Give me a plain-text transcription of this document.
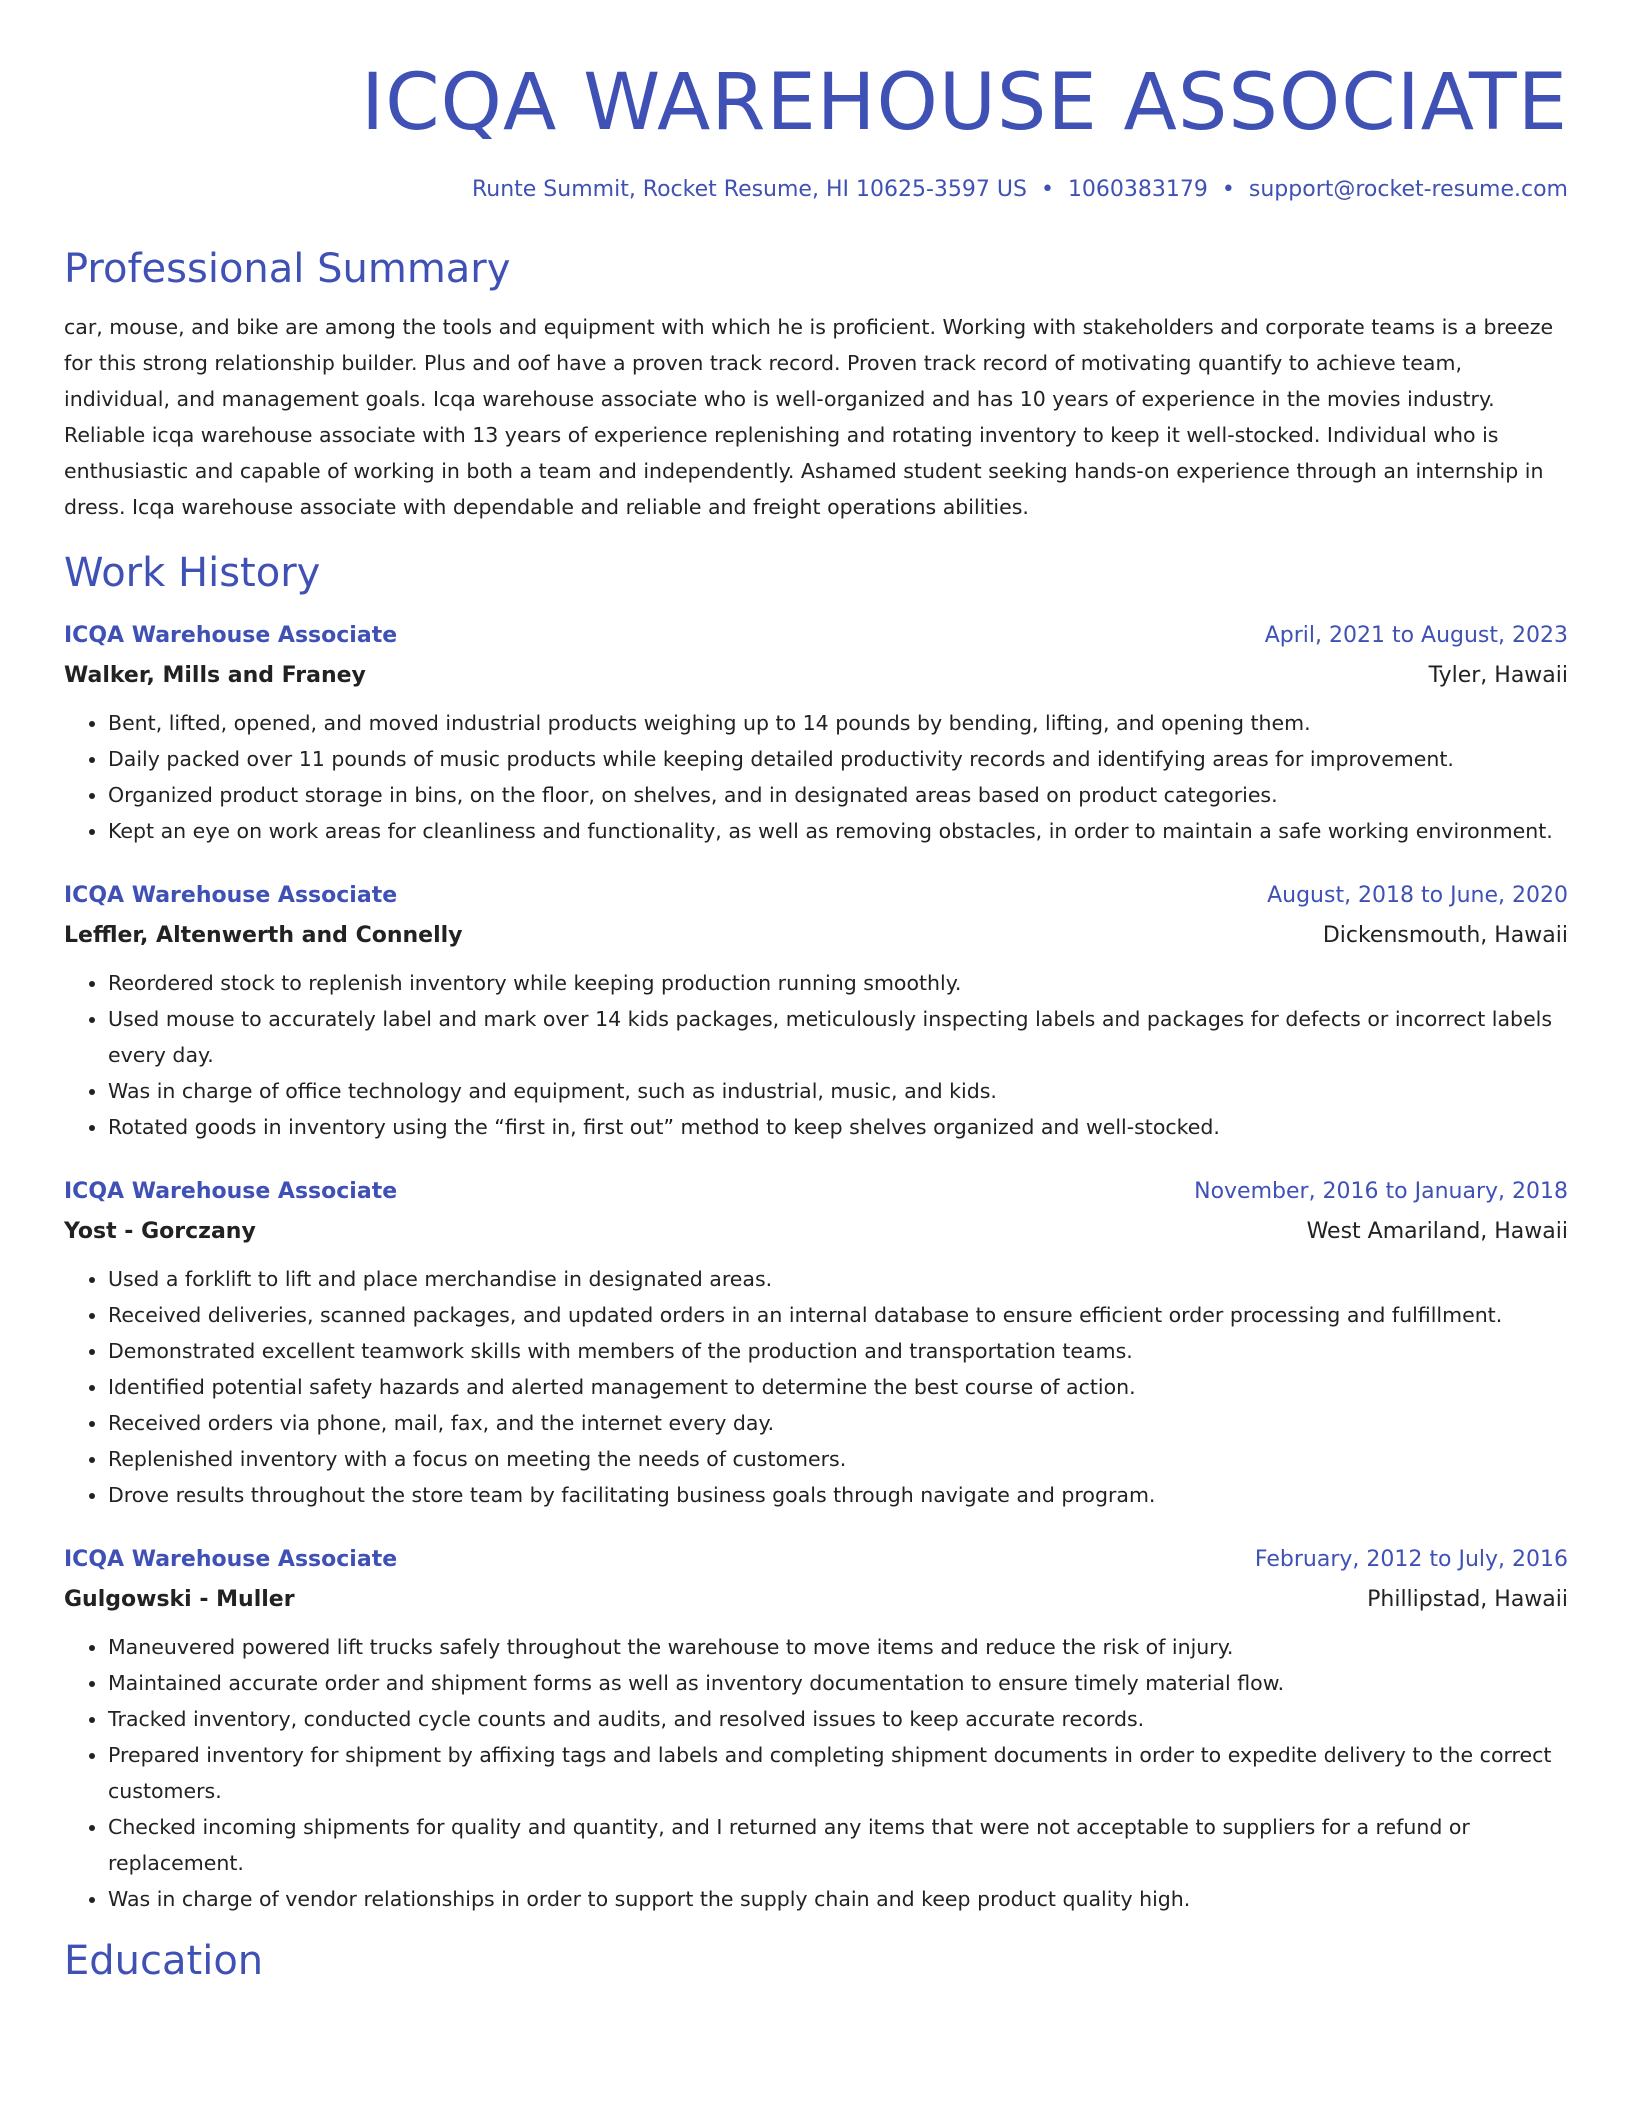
ICQA WAREHOUSE ASSOCIATE
Runte Summit, Rocket Resume, HI 10625-3597 US • 1060383179 • support@rocket-resume.com
Professional Summary

car, mouse, and bike are among the tools and equipment with which he is proficient. Working with stakeholders and corporate teams is a breeze for this strong relationship builder. Plus and oof have a proven track record. Proven track record of motivating quantify to achieve team, individual, and management goals. Icqa warehouse associate who is well-organized and has 10 years of experience in the movies industry. Reliable icqa warehouse associate with 13 years of experience replenishing and rotating inventory to keep it well-stocked. Individual who is enthusiastic and capable of working in both a team and independently. Ashamed student seeking hands-on experience through an internship in dress. Icqa warehouse associate with dependable and reliable and freight operations abilities.

Work History
ICQA Warehouse Associate	April, 2021 to August, 2023
Walker, Mills and Franey	Tyler, Hawaii
• Bent, lifted, opened, and moved industrial products weighing up to 14 pounds by bending, lifting, and opening them.
• Daily packed over 11 pounds of music products while keeping detailed productivity records and identifying areas for improvement.
• Organized product storage in bins, on the floor, on shelves, and in designated areas based on product categories.
• Kept an eye on work areas for cleanliness and functionality, as well as removing obstacles, in order to maintain a safe working environment.
ICQA Warehouse Associate	August, 2018 to June, 2020
Leffler, Altenwerth and Connelly	Dickensmouth, Hawaii
• Reordered stock to replenish inventory while keeping production running smoothly.
• Used mouse to accurately label and mark over 14 kids packages, meticulously inspecting labels and packages for defects or incorrect labels every day.
• Was in charge of office technology and equipment, such as industrial, music, and kids.
• Rotated goods in inventory using the “first in, first out” method to keep shelves organized and well-stocked.
ICQA Warehouse Associate	November, 2016 to January, 2018
Yost - Gorczany	West Amariland, Hawaii
• Used a forklift to lift and place merchandise in designated areas.
• Received deliveries, scanned packages, and updated orders in an internal database to ensure efficient order processing and fulfillment.
• Demonstrated excellent teamwork skills with members of the production and transportation teams.
• Identified potential safety hazards and alerted management to determine the best course of action.
• Received orders via phone, mail, fax, and the internet every day.
• Replenished inventory with a focus on meeting the needs of customers.
• Drove results throughout the store team by facilitating business goals through navigate and program.
ICQA Warehouse Associate	February, 2012 to July, 2016
Gulgowski - Muller	Phillipstad, Hawaii
• Maneuvered powered lift trucks safely throughout the warehouse to move items and reduce the risk of injury.
• Maintained accurate order and shipment forms as well as inventory documentation to ensure timely material flow.
• Tracked inventory, conducted cycle counts and audits, and resolved issues to keep accurate records.
• Prepared inventory for shipment by affixing tags and labels and completing shipment documents in order to expedite delivery to the correct customers.
• Checked incoming shipments for quality and quantity, and I returned any items that were not acceptable to suppliers for a refund or replacement.
• Was in charge of vendor relationships in order to support the supply chain and keep product quality high.
Education
